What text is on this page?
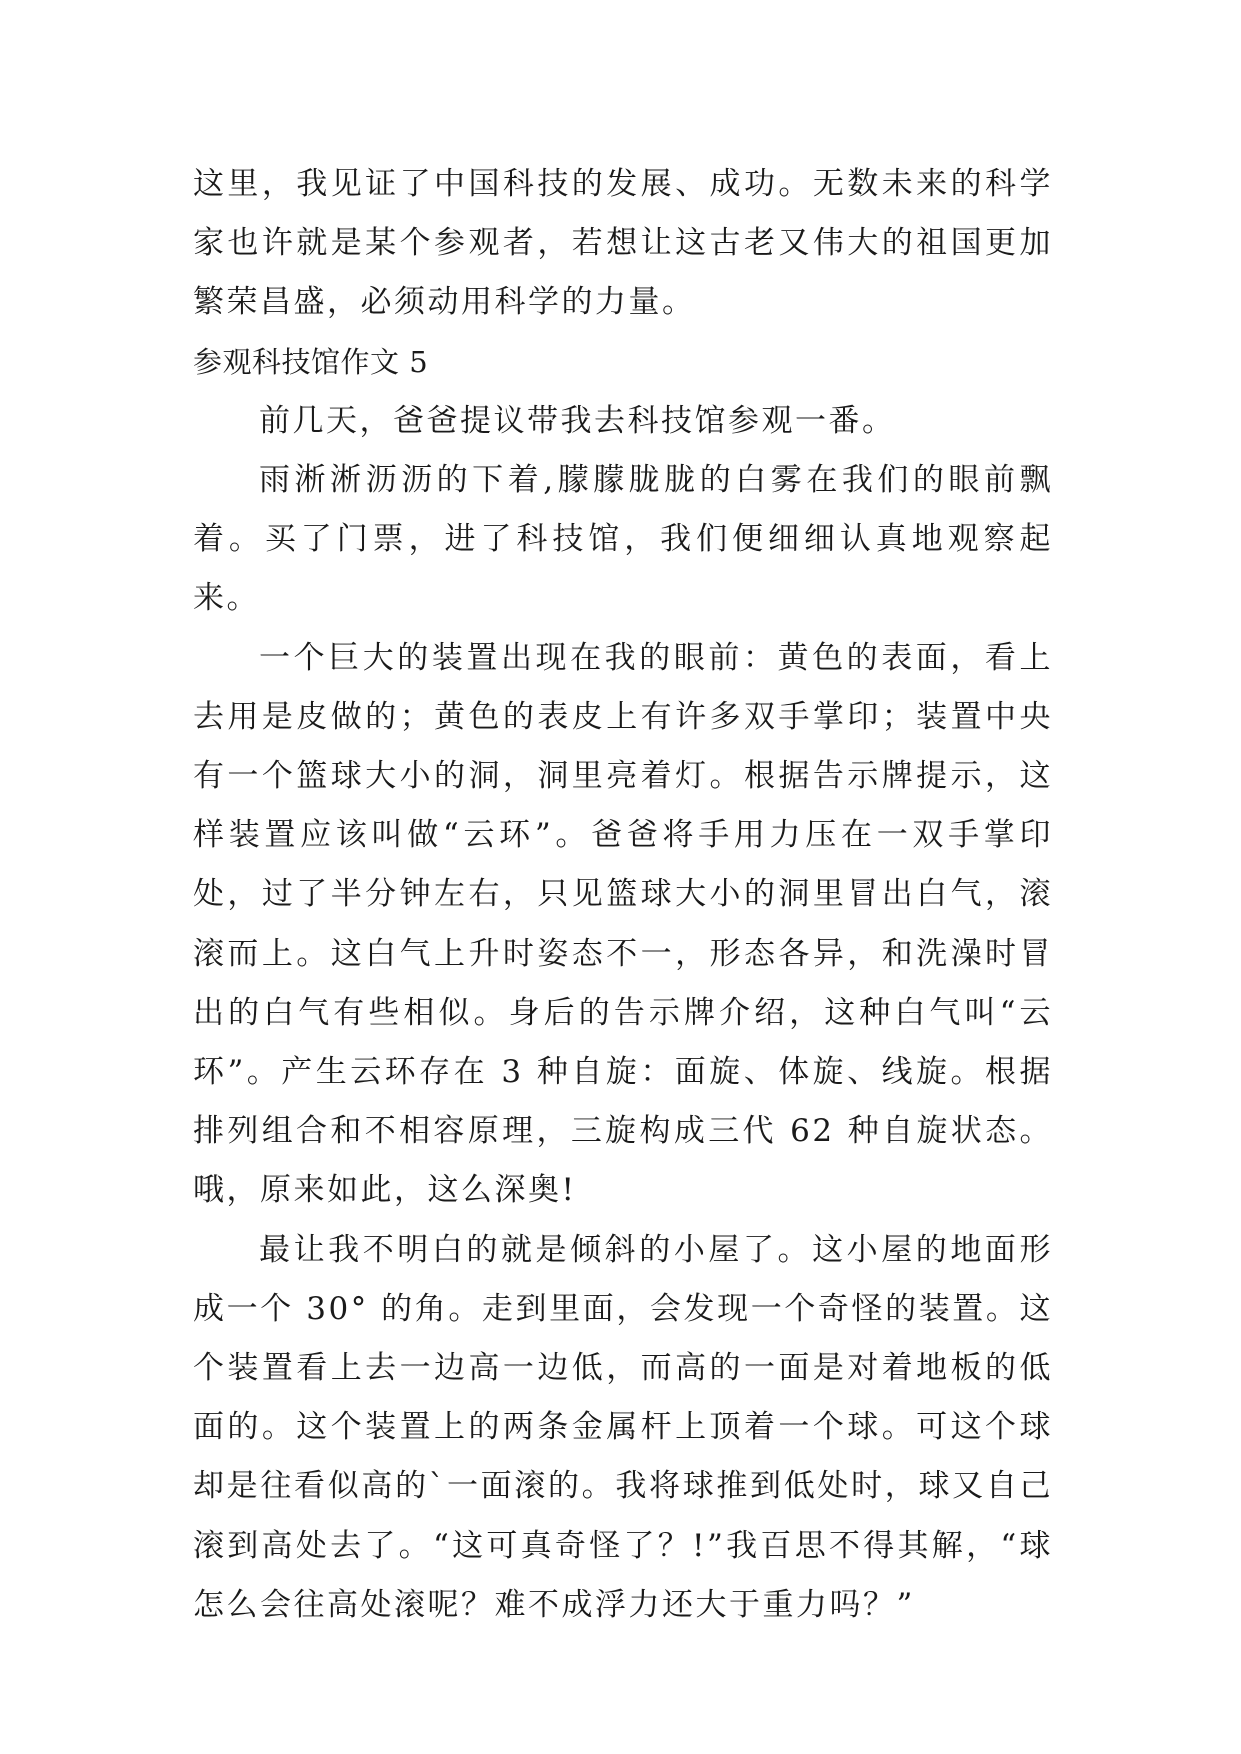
这里，我见证了中国科技的发展、成功。无数未来的科学家也许就是某个参观者，若想让这古老又伟大的祖国更加繁荣昌盛，必须动用科学的力量。

参观科技馆作文 5

前几天，爸爸提议带我去科技馆参观一番。

雨淅淅沥沥的下着,朦朦胧胧的白雾在我们的眼前飘着。买了门票，进了科技馆，我们便细细认真地观察起来。

一个巨大的装置出现在我的眼前：黄色的表面，看上去用是皮做的；黄色的表皮上有许多双手掌印；装置中央有一个篮球大小的洞，洞里亮着灯。根据告示牌提示，这样装置应该叫做“云环”。爸爸将手用力压在一双手掌印处，过了半分钟左右，只见篮球大小的洞里冒出白气，滚滚而上。这白气上升时姿态不一，形态各异，和洗澡时冒出的白气有些相似。身后的告示牌介绍，这种白气叫“云环”。产生云环存在 3 种自旋：面旋、体旋、线旋。根据排列组合和不相容原理，三旋构成三代 62 种自旋状态。哦，原来如此，这么深奥!

最让我不明白的就是倾斜的小屋了。这小屋的地面形成一个 30° 的角。走到里面，会发现一个奇怪的装置。这个装置看上去一边高一边低，而高的一面是对着地板的低面的。这个装置上的两条金属杆上顶着一个球。可这个球却是往看似高的`一面滚的。我将球推到低处时，球又自己滚到高处去了。“这可真奇怪了？!”我百思不得其解，“球怎么会往高处滚呢？难不成浮力还大于重力吗？”
